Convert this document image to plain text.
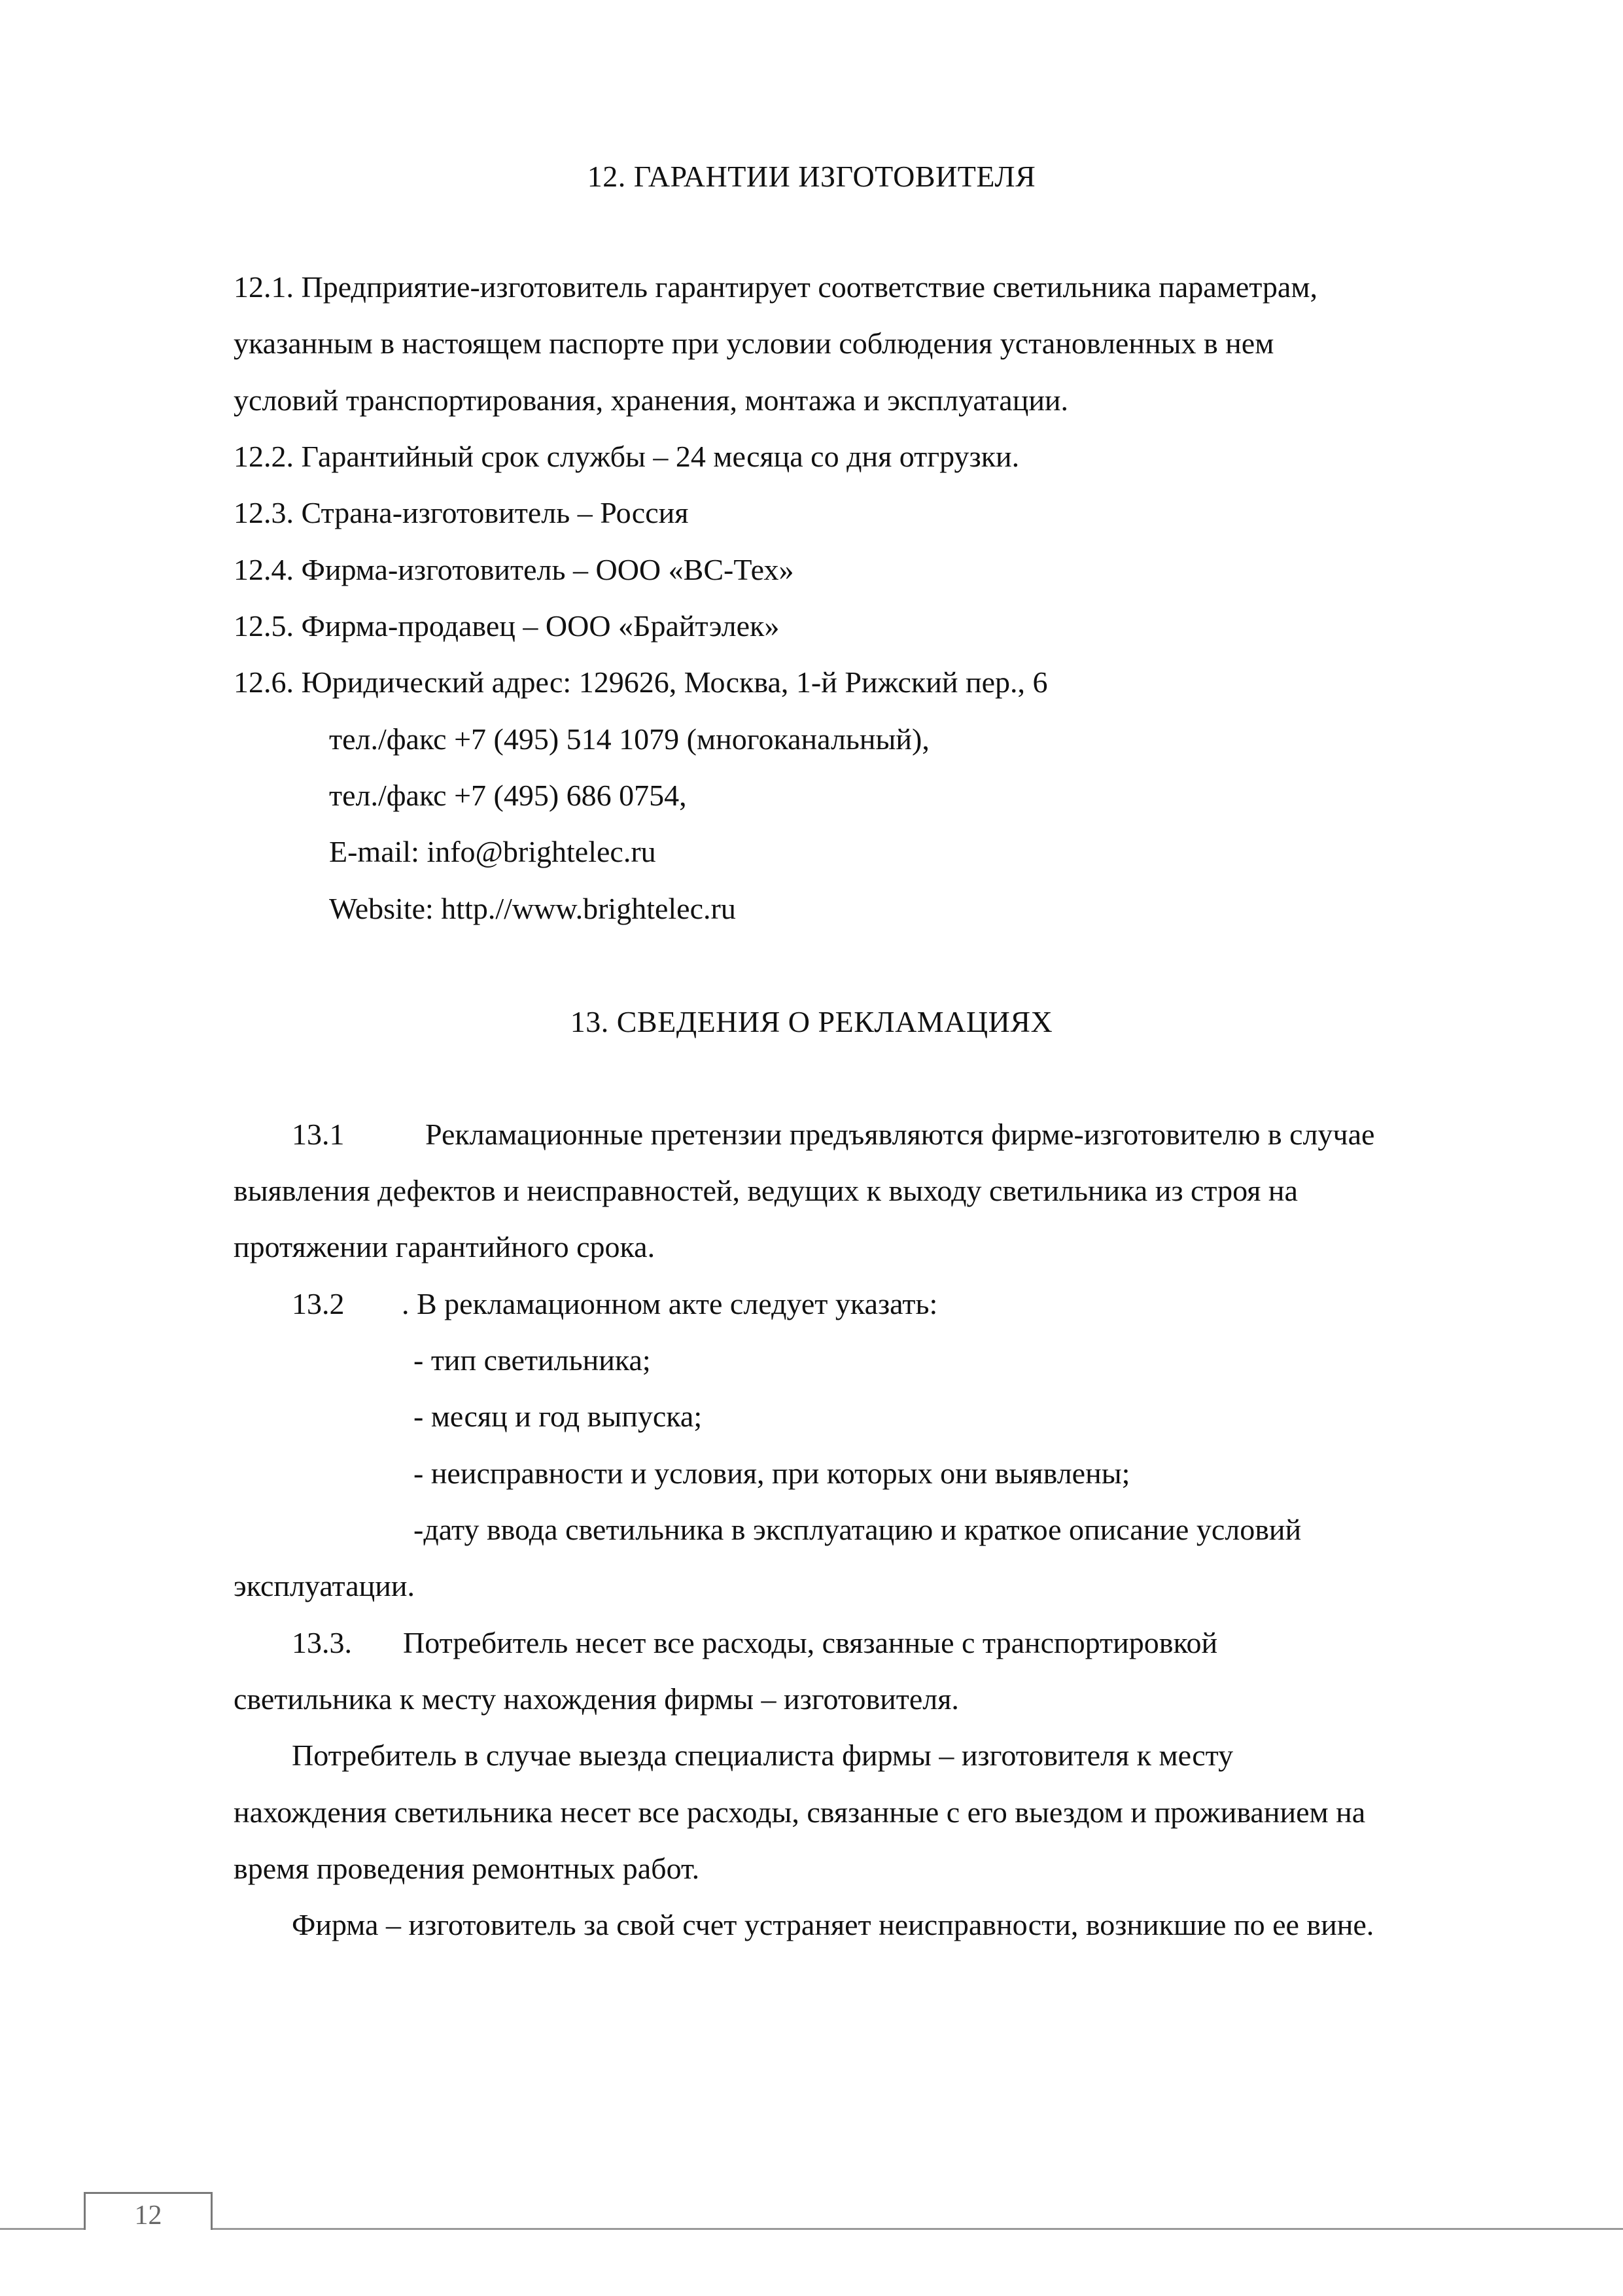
12. ГАРАНТИИ ИЗГОТОВИТЕЛЯ

12.1. Предприятие-изготовитель гарантирует соответствие светильника параметрам,

указанным в настоящем паспорте при условии соблюдения установленных в нем

условий транспортирования, хранения, монтажа и эксплуатации.

12.2. Гарантийный срок службы – 24 месяца со дня отгрузки.

12.3. Страна-изготовитель – Россия

12.4. Фирма-изготовитель – ООО «ВС-Тех»

12.5. Фирма-продавец – ООО «Брайтэлек»

12.6. Юридический адрес: 129626, Москва, 1-й Рижский пер., 6

тел./факс +7 (495) 514 1079 (многоканальный),

тел./факс +7 (495) 686 0754,

E-mail: info@brightelec.ru

Website: http.//www.brightelec.ru

13. СВЕДЕНИЯ О РЕКЛАМАЦИЯХ

13.1	Рекламационные претензии предъявляются фирме-изготовителю в случае

выявления дефектов и неисправностей, ведущих к выходу светильника из строя на

протяжении гарантийного срока.

13.2 . В рекламационном акте следует указать:

- тип светильника;

- месяц и год выпуска;

- неисправности и условия, при которых они выявлены;

-дату ввода светильника в эксплуатацию и краткое описание условий

эксплуатации.

13.3. Потребитель несет все расходы, связанные с транспортировкой

светильника к месту нахождения фирмы – изготовителя.

Потребитель в случае выезда специалиста фирмы – изготовителя к месту

нахождения светильника несет все расходы, связанные с его выездом и проживанием на

время проведения ремонтных работ.

Фирма – изготовитель за свой счет устраняет неисправности, возникшие по ее вине.

12
